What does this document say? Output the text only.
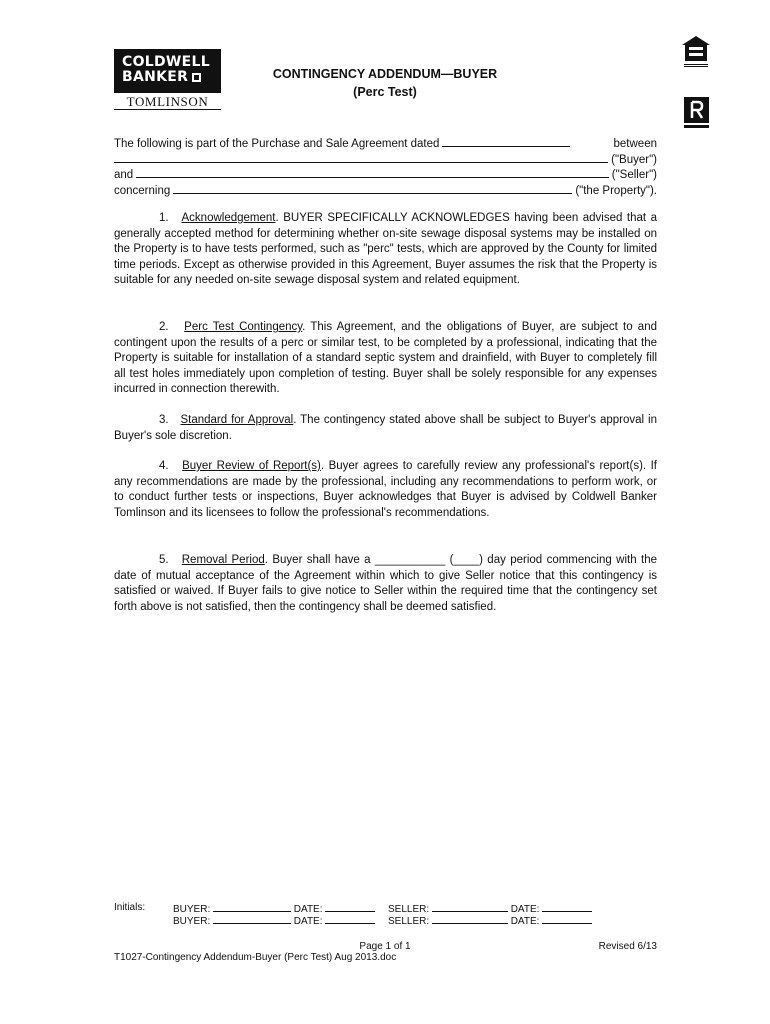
COLDWELL
BANKER
TOMLINSON
CONTINGENCY ADDENDUM—BUYER
(Perc Test)
The following is part of the Purchase and Sale Agreement dated	between
("Buyer")
and	("Seller")
concerning	("the Property").
1. Acknowledgement. BUYER SPECIFICALLY ACKNOWLEDGES having been advised that a generally accepted method for determining whether on-site sewage disposal systems may be installed on the Property is to have tests performed, such as "perc" tests, which are approved by the County for limited time periods. Except as otherwise provided in this Agreement, Buyer assumes the risk that the Property is suitable for any needed on-site sewage disposal system and related equipment.
2. Perc Test Contingency. This Agreement, and the obligations of Buyer, are subject to and contingent upon the results of a perc or similar test, to be completed by a professional, indicating that the Property is suitable for installation of a standard septic system and drainfield, with Buyer to completely fill all test holes immediately upon completion of testing. Buyer shall be solely responsible for any expenses incurred in connection therewith.
3. Standard for Approval. The contingency stated above shall be subject to Buyer's approval in Buyer's sole discretion.
4. Buyer Review of Report(s). Buyer agrees to carefully review any professional's report(s). If any recommendations are made by the professional, including any recommendations to perform work, or to conduct further tests or inspections, Buyer acknowledges that Buyer is advised by Coldwell Banker Tomlinson and its licensees to follow the professional's recommendations.
5. Removal Period. Buyer shall have a ___________ (____) day period commencing with the date of mutual acceptance of the Agreement within which to give Seller notice that this contingency is satisfied or waived. If Buyer fails to give notice to Seller within the required time that the contingency set forth above is not satisfied, then the contingency shall be deemed satisfied.
Initials:	BUYER:	DATE:	SELLER:	DATE:
BUYER:	DATE:	SELLER:	DATE:
Page 1 of 1	Revised 6/13
T1027-Contingency Addendum-Buyer (Perc Test) Aug 2013.doc
